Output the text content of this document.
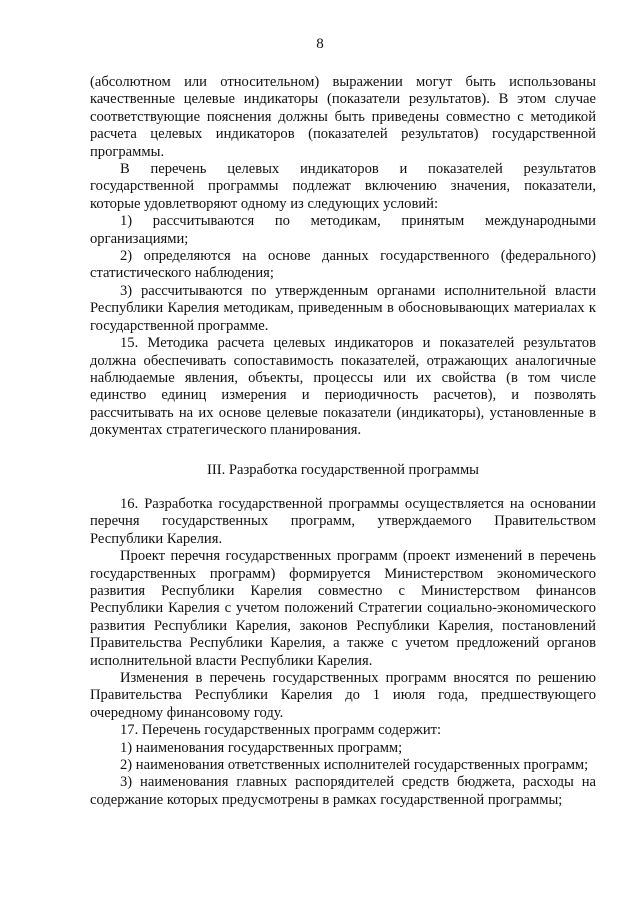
8

(абсолютном или относительном) выражении могут быть использованы качественные целевые индикаторы (показатели результатов). В этом случае соответствующие пояснения должны быть приведены совместно с методикой расчета целевых индикаторов (показателей результатов) государственной программы.

В перечень целевых индикаторов и показателей результатов государственной программы подлежат включению значения, показатели, которые удовлетворяют одному из следующих условий:

1) рассчитываются по методикам, принятым международными организациями;

2) определяются на основе данных государственного (федерального) статистического наблюдения;

3) рассчитываются по утвержденным органами исполнительной власти Республики Карелия методикам, приведенным в обосновывающих материалах к государственной программе.

15. Методика расчета целевых индикаторов и показателей результатов должна обеспечивать сопоставимость показателей, отражающих аналогичные наблюдаемые явления, объекты, процессы или их свойства (в том числе единство единиц измерения и периодичность расчетов), и позволять рассчитывать на их основе целевые показатели (индикаторы), установленные в документах стратегического планирования.

III. Разработка государственной программы

16. Разработка государственной программы осуществляется на основании перечня государственных программ, утверждаемого Правительством Республики Карелия.

Проект перечня государственных программ (проект изменений в перечень государственных программ) формируется Министерством экономического развития Республики Карелия совместно с Министерством финансов Республики Карелия с учетом положений Стратегии социально-экономического развития Республики Карелия, законов Республики Карелия, постановлений Правительства Республики Карелия, а также с учетом предложений органов исполнительной власти Республики Карелия.

Изменения в перечень государственных программ вносятся по решению Правительства Республики Карелия до 1 июля года, предшествующего очередному финансовому году.

17. Перечень государственных программ содержит:

1) наименования государственных программ;

2) наименования ответственных исполнителей государственных программ;

3) наименования главных распорядителей средств бюджета, расходы на содержание которых предусмотрены в рамках государственной программы;
